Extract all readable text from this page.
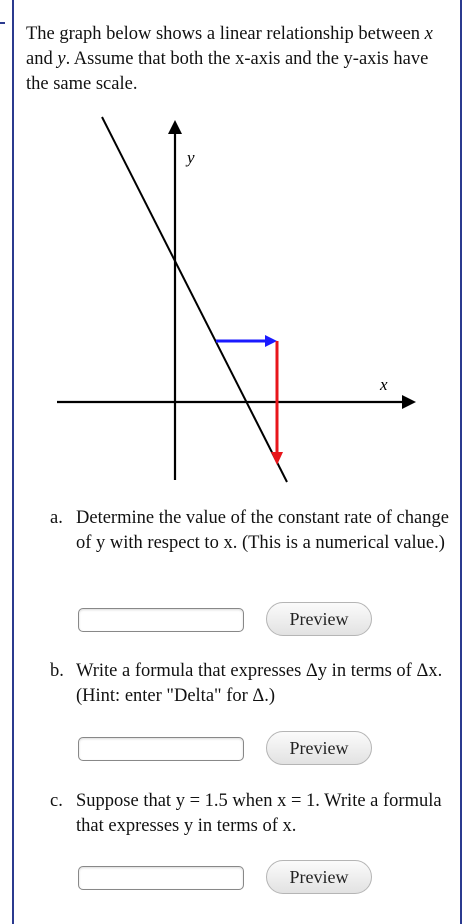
The graph below shows a linear relationship between x and y. Assume that both the x-axis and the y-axis have the same scale.

y
x
a. Determine the value of the constant rate of change of y with respect to x. (This is a numerical value.)
Preview
b. Write a formula that expresses Δy in terms of Δx. (Hint: enter "Delta" for Δ.)
Preview
c. Suppose that y = 1.5 when x = 1. Write a formula that expresses y in terms of x.
Preview
